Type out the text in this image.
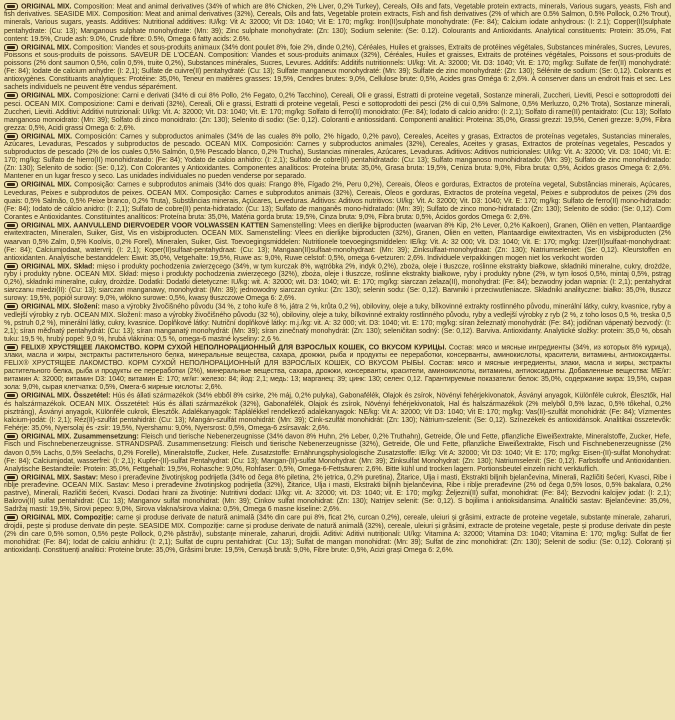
ORIGINAL MIX. Composition: Meat and animal derivatives (34% of which are 8% Chicken, 2% Liver, 0,2% Turkey), Cereals, Oils and fats, Vegetable protein extracts, minerals, Various sugars, yeasts, Fish and fish derivatives. SEASIDE MIX. Composition: Meat and animal derivatives (32%), Cereals, Oils and fats, Vegetable protein extracts, Fish and fish derivatives (2% of which are 0.5% Salmon, 0.5% Pollock, 0.2% Trout), minerals, Various sugars, yeasts. Additives: Nutritional additives: IU/kg: Vit A: 32000; Vit D3: 1040; Vit E: 170; mg/kg: Iron(II)sulphate monohydrate: (Fe: 84); Calcium iodate anhydrous: (I: 2.1); Copper(II)sulphate pentahydrate: (Cu: 13); Manganous sulphate monohydrate: (Mn: 39); Zinc sulphate monohydrate: (Zn: 130); Sodium selenite: (Se: 0.12). Colourants and Antioxidants. Analytical constituents: Protein: 35.0%, Fat content: 19.5%, Crude ash: 9.0%, Crude fibre: 0.5%, Omega 6 fatty acids: 2.6%.

ORIGINAL MIX. Composition: Viandes et sous-produits animaux (34% dont poulet 8%, foie 2%, dinde 0,2%), Céréales, Huiles et graisses, Extraits de protéines végétales, Substances minérales, Sucres, Levures, Poissons et sous-produits de poissons. SAVEUR DE L'OCÉAN. Composition: Viandes et sous-produits animaux (32%), Céréales, Huiles et graisses, Extraits de protéines végétales, Poissons et sous-produits de poissons (2% dont saumon 0,5%, colin 0,5%, truite 0,2%), Substances minérales, Sucres, Levures. Additifs: Additifs nutritionnels: UI/kg: Vit. A: 32000; Vit. D3: 1040; Vit. E: 170; mg/kg: Sulfate de fer(II) monohydraté: (Fe: 84); Iodate de calcium anhydre: (I: 2,1); Sulfate de cuivre(II) pentahydraté: (Cu: 13); Sulfate manganeux monohydraté: (Mn: 39); Sulfate de zinc monohydraté: (Zn: 130); Sélénite de sodium: (Se: 0,12). Colorants et antioxygènes. Constituants analytiques: Protéine: 35,0%, Teneur en matières grasses: 19,5%, Cendres brutes: 9,0%, Cellulose brute: 0,5%, Acides gras Oméga 6: 2,6%. À conserver dans un endroit frais et sec. Les sachets individuels ne peuvent être vendus séparément.

ORIGINAL MIX. Composizione: Carni e derivati (34% di cui 8% Pollo, 2% Fegato, 0,2% Tacchino), Cereali, Oli e grassi, Estratti di proteine vegetali, Sostanze minerali, Zuccheri, Lieviti, Pesci e sottoprodotti dei pesci. OCEAN MIX. Composizione: Carni e derivati (32%), Cereali, Oli e grassi, Estratti di proteine vegetali, Pesci e sottoprodotti dei pesci (2% di cui 0,5% Salmone, 0,5% Merluzzo, 0,2% Trota), Sostanze minerali, Zuccheri, Lieviti. Additivi: Additivi nutrizionali: UI/kg: Vit. A: 32000; Vit. D3: 1040; Vit. E: 170; mg/kg: Solfato di ferro(II) monoidrato: (Fe: 84); Iodato di calcio anidro: (I: 2,1); Solfato di rame(II) pentaidrato: (Cu: 13); Solfato manganoso monoidrato: (Mn: 39); Solfato di zinco monoidrato: (Zn: 130); Selenito di sodio: (Se: 0,12). Coloranti e antiossidanti. Componenti analitici: Proteina: 35,0%, Grassi grezzi: 19,5%, Ceneri grezze: 9,0%, Fibra grezza: 0,5%, Acidi grassi Omega 6: 2,6%.

ORIGINAL MIX. Composición: Carnes y subproductos animales (34% de las cuales 8% pollo, 2% hígado, 0,2% pavo), Cereales, Aceites y grasas, Extractos de proteínas vegetales, Sustancias minerales, Azúcares, Levaduras, Pescados y subproductos de pescado. OCEAN MIX. Composición: Carnes y subproductos animales (32%), Cereales, Aceites y grasas, Extractos de proteínas vegetales, Pescados y subproductos de pescado (2% de los cuales 0,5% Salmón, 0,5% Pescado blanco, 0,2% Trucha), Sustancias minerales, Azúcares, Levaduras. Aditivos: Aditivos nutricionales: UI/kg: Vit. A: 32000; Vit. D3: 1040; Vit. E: 170; mg/kg: Sulfato de hierro(II) monohidratado: (Fe: 84); Yodato de calcio anhidro: (I: 2,1); Sulfato de cobre(II) pentahidratado: (Cu: 13); Sulfato manganoso monohidratado: (Mn: 39); Sulfato de zinc monohidratado: (Zn: 130); Selenito de sodio: (Se: 0,12). Con Colorantes y Antioxidantes. Componentes analíticos: Proteína bruta: 35,0%, Grasa bruta: 19,5%, Ceniza bruta: 9,0%, Fibra bruta: 0,5%, Ácidos grasos Omega 6: 2,6%. Mantener en un lugar fresco y seco. Las unidades individuales no pueden venderse por separado.

ORIGINAL MIX. Composição: Carnes e subprodutos animais (34% dos quais: Frango 8%, Fígado 2%, Peru 0,2%), Cereais, Óleos e gorduras, Extractos de proteína vegetal, Substâncias minerais, Açúcares, Leveduras, Peixes e subprodutos de peixes. OCEAN MIX. Composição: Carnes e subprodutos animais (32%), Cereais, Óleos e gorduras, Extractos de proteína vegetal, Peixes e subprodutos de peixes (2% dos quais: 0,5% Salmão, 0,5% Peixe branco, 0,2% Truta), Substâncias minerais, Açúcares, Leveduras. Aditivos: Aditivos nutritivos: UI/kg: Vit. A: 32000; Vit. D3: 1040; Vit. E: 170; mg/kg: Sulfato de ferro(II) mono-hidratado: (Fe: 84); Iodato de cálcio anidro: (I: 2,1); Sulfato de cobre(II) penta-hidratado: (Cu: 13); Sulfato de manganês mono-hidratado: (Mn: 39); Sulfato de zinco mono-hidratado: (Zn: 130); Selenito de sódio: (Se: 0,12). Com Corantes e Antioxidantes. Constituintes analíticos: Proteína bruta: 35,0%, Matéria gorda bruta: 19,5%, Cinza bruta: 9,0%, Fibra bruta: 0,5%, Ácidos gordos Omega 6: 2,6%.

ORIGINAL MIX. AANVULLEND DIERVOEDER VOOR VOLWASSEN KATTEN Samenstelling: Vlees en dierlijke bijproducten (waarvan 8% Kip, 2% Lever, 0,2% Kalkoen), Granen, Oliën en vetten, Plantaardige eiwitextracten, Mineralen, Suiker, Gist, Vis en visbijproducten. OCEAN MIX. Samenstelling: Vlees en dierlijke bijproducten (32%), Granen, Oliën en vetten, Plantaardige eiwitextracten, Vis en visbijproducten (2% waarvan 0,5% Zalm, 0,5% Koolvis, 0,2% Forel), Mineralen, Suiker, Gist. Toevoegingsmiddelen: Nutritionele toevoegingsmiddelen: IE/kg: Vit. A: 32 000; Vit. D3: 1040; Vit. E: 170; mg/kg: IJzer(II)sulfaat-monohydraat: (Fe: 84); Calciumjodaat, watervrij: (I: 2,1); Koper(II)sulfaat-pentahydraat: (Cu: 13); Mangaan(II)sulfaat-monohydraat: (Mn: 39); Zinksulfaat-monohydraat: (Zn: 130); Natriumseleniet: (Se: 0,12). Kleurstoffen en antioxidanten. Analytische bestanddelen: Eiwit: 35,0%, Vetgehalte: 19,5%, Ruwe as: 9,0%, Ruwe celstof: 0,5%, omega 6-vetzuren: 2,6%. Individuele verpakkingen mogen niet los verkocht worden

ORIGINAL MIX. Skład: mięso i produkty pochodzenia zwierzęcego (34%, w tym kurczak 8%, wątróbka 2%, indyk 0,2%), zboża, oleje i tłuszcze, roślinne ekstrakty białkowe, składniki mineralne, cukry, drożdże, ryby i produkty rybne. OCEAN MIX. Skład: mięso i produkty pochodzenia zwierzęcego (32%), zboża, oleje i tłuszcze, roślinne ekstrakty białkowe, ryby i produkty rybne (2%, w tym łosoś 0,5%, mintaj 0,5%, pstrąg 0,2%), składniki mineralne, cukry, drożdże. Dodatki: Dodatki dietetyczne: IU/kg: wit. A: 32000; wit. D3: 1040; wit. E: 170; mg/kg: siarczan żelaza(II), monohydrat: (Fe: 84); bezwodny jodan wapnia: (I: 2,1); pentahydrat siarczanu miedzi(II): (Cu: 13); siarczan manganawy, monohydrat: (Mn: 39); jednowodny siarczan cynku: (Zn: 130); selenin sodu: (Se: 0,12). Barwniki i przeciwutleniacze. Składniki analityczne: białko: 35,0%, tłuszcz surowy: 19,5%, popiół surowy: 9,0%, włókno surowe: 0,5%, kwasy tłuszczowe Omega 6: 2,6%.

ORIGINAL MIX. Složení: maso a výrobky živočišného původu (34 %, z toho kuře 8 %, játra 2 %, krůta 0,2 %), obiloviny, oleje a tuky, bílkovinné extrakty rostlinného původu, minerální látky, cukry, kvasnice, ryby a vedlejší výrobky z ryb. OCEAN MIX. Složení: maso a výrobky živočišného původu (32 %), obiloviny, oleje a tuky, bílkovinné extrakty rostlinného původu, ryby a vedlejší výrobky z ryb (2 %, z toho losos 0,5 %, treska 0,5 %, pstruh 0,2 %), minerální látky, cukry, kvasnice. Doplňkové látky: Nutriční doplňkové látky: m.j./kg: vit. A: 32 000; vit. D3: 1040; vit. E: 170; mg/kg: síran železnatý monohydrát: (Fe: 84); jodičnan vápenatý bezvodý: (I: 2,1); síran měďnatý pentahydrát: (Cu: 13); síran manganatý monohydrát: (Mn: 39); síran zinečnatý monohydrát: (Zn: 130); seleničitan sodný: (Se: 0,12). Barviva. Antioxidanty. Analytické složky: protein: 35,0 %, obsah tuku: 19,5 %, hrubý popel: 9,0 %, hrubá vláknina: 0,5 %, omega-6 mastné kyseliny: 2,6 %.

FELIX® ХРУСТЯЩЕЕ ЛАКОМСТВО. КОРМ СУХОЙ НЕПОЛНОРАЦИОННЫЙ ДЛЯ ВЗРОСЛЫХ КОШЕК, СО ВКУСОМ КУРИЦЫ. Состав: мясо и мясные ингредиенты (34%, из которых 8% курица), злаки, масла и жиры, экстракты растительного белка, минеральные вещества, сахара, дрожжи, рыба и продукты ее переработки, консерванты, аминокислоты, красители, витамины, антиоксиданты. FELIX® ХРУСТЯЩЕЕ ЛАКОМСТВО. КОРМ СУХОЙ НЕПОЛНОРАЦИОННЫЙ ДЛЯ ВЗРОСЛЫХ КОШЕК, СО ВКУСОМ РЫБЫ. Состав: мясо и мясные ингредиенты, злаки, масла и жиры, экстракты растительного белка, рыба и продукты ее переработки (2%), минеральные вещества, сахара, дрожжи, консерванты, красители, аминокислоты, витамины, антиоксиданты. Добавленные вещества: МЕ/кг: витамин А: 32000; витамин D3: 1040; витамин Е: 170; мг/кг: железо: 84; йод: 2,1; медь: 13; марганец: 39; цинк: 130; селен: 0,12. Гарантируемые показатели: белок: 35,0%, содержание жира: 19,5%, сырая зола: 9,0%, сырая клетчатка: 0,5%, Омега-6 жирные кислоты: 2,6%.

ORIGINAL MIX. Összetétel: Hús és állati származékok (34% ebből 8% csirke, 2% máj, 0,2% pulyka), Gabonafélék, Olajok és zsírok, Növényi fehérjekivonatok, Ásványi anyagok, Különféle cukrok, Élesztők, Hal és halszármazékok. OCEAN MIX. Összetétel: Hús és állati származékok (32%), Gabonafélék, Olajok és zsírok, Növényi fehérjekivonatok, Hal és halszármazékok (2% melyből 0,5% lazac, 0,5% tőkehal, 0,2% pisztráng), Ásványi anyagok, Különféle cukrok, Élesztők. Adalékanyagok: Táplálékkel rendelkező adalékanyagok: NE/kg: Vit A: 32000; Vit D3: 1040; Vit E: 170; mg/kg: Vas(II)-szulfát monohidrát: (Fe: 84); Vízmentes kalcium-jodát: (I: 2,1); Réz(II)-szulfát pentahidrát: (Cu: 13); Mangán-szulfát monohidrát: (Mn: 39); Cink-szulfát monohidrát: (Zn: 130); Nátrium-szelenit: (Se: 0,12). Színezékek és antioxidánsok. Analitikai összetevők: Fehérje: 35,0%, Nyersolaj és -zsír: 19,5%, Nyershamu: 9,0%, Nyersrost: 0,5%, Omega-6 zsírsavak: 2,6%.

ORIGINAL MIX. Zusammensetzung: Fleisch und tierische Nebenerzeugnisse (34% davon 8% Huhn, 2% Leber, 0,2% Truthahn), Getreide, Öle und Fette, pflanzliche Eiweißextrakte, Mineralstoffe, Zucker, Hefe, Fisch und Fischnebenerzeugnisse. STRANDSPAß. Zusammensetzung: Fleisch und tierische Nebenerzeugnisse (32%), Getreide, Öle und Fette, pflanzliche Eiweißextrakte, Fisch und Fischnebenerzeugnisse (2% davon 0,5% Lachs, 0,5% Seelachs, 0,2% Forelle), Mineralstoffe, Zucker, Hefe. Zusatzstoffe: Ernährungsphysiologische Zusatzstoffe: IE/kg: Vit A: 32000; Vit D3: 1040; Vit E: 170; mg/kg: Eisen-(II)-sulfat Monohydrat: (Fe: 84); Calciumjodat, wasserfrei: (I: 2,1); Kupfer-(II)-sulfat Pentahydrat: (Cu: 13); Mangan-(II)-sulfat Monohydrat: (Mn: 39); Zinksulfat Monohydrat: (Zn: 130); Natriumselenit: (Se: 0,12). Farbstoffe und Antioxidantien. Analytische Bestandteile: Protein: 35,0%, Fettgehalt: 19,5%, Rohasche: 9,0%, Rohfaser: 0,5%, Omega-6-Fettsäuren: 2,6%. Bitte kühl und trocken lagern. Portionsbeutel einzeln nicht verkäuflich.

ORIGINAL MIX. Sastav: Meso i prerađevine životinjskog podrijetla (34% od čega 8% piletina, 2% jetrica, 0,2% puretina), Žitarice, Ulja i masti, Ekstrakti biljnih bjelančevina, Minerali, Različiti šećeri, Kvasci, Ribe i riblje prerađevine. OCEAN MIX. Sastav: Meso i prerađevine životinjskog podrijetla (32%), Žitarice, Ulja i masti, Ekstrakti biljnih bjelančevina, Ribe i riblje prerađevine (2% od čega 0,5% losos, 0,5% bakalara, 0,2% pastrve), Minerali, Različiti šećeri, Kvasci. Dodaci hrani za životinje: Nutritivni dodaci: IJ/kg: vit. A: 32000; vit. D3: 1040; vit. E: 170; mg/kg: Željezni(II) sulfat, monohidrat: (Fe: 84); Bezvodni kalcijev jodat: (I: 2,1); Bakrovi(II) sulfat pentahidrat: (Cu: 13); Manganov sulfat monohidrat: (Mn: 39); Cinkov sulfat monohidrat: (Zn: 130); Natrijev selenit: (Se: 0,12). S bojilima i antioksidansima. Analitički sastav: Bjelančevine: 35,0%, Sadržaj masti: 19,5%, Sirovi pepeo: 9,0%, Sirova vlakna/sirova vlakna: 0,5%, Omega 6 masne kiseline: 2,6%.

ORIGINAL MIX. Compoziție: carne și produse derivate de natură animală (34% din care pui 8%, ficat 2%, curcan 0,2%), cereale, uleiuri și grăsimi, extracte de proteine vegetale, substanțe minerale, zaharuri, drojdii, pește și produse derivate din pește. SEASIDE MIX. Compoziție: carne și produse derivate de natură animală (32%), cereale, uleiuri și grăsimi, extracte de proteine vegetale, pește și produse derivate din pește (2% din care 0,5% somon, 0,5% pește Pollock, 0,2% păstrăv), substanțe minerale, zaharuri, drojdii. Aditivi: Aditivi nutriționali: UI/kg: Vitamina A: 32000; Vitamina D3: 1040; Vitamina E: 170; mg/kg: Sulfat de fier monohidrat: (Fe: 84); Iodat de calciu anhidru: (I: 2,1); Sulfat de cupru pentahidrat: (Cu: 13); Sulfat de mangan monohidrat: (Mn: 39); Sulfat de zinc monohidrat: (Zn: 130); Selenit de sodiu: (Se: 0,12). Coloranți și antioxidanți. Constituenți analitici: Proteine brute: 35,0%, Grăsimi brute: 19,5%, Cenușă brută: 9,0%, Fibre brute: 0,5%, Acizi grași Omega 6: 2,6%.
